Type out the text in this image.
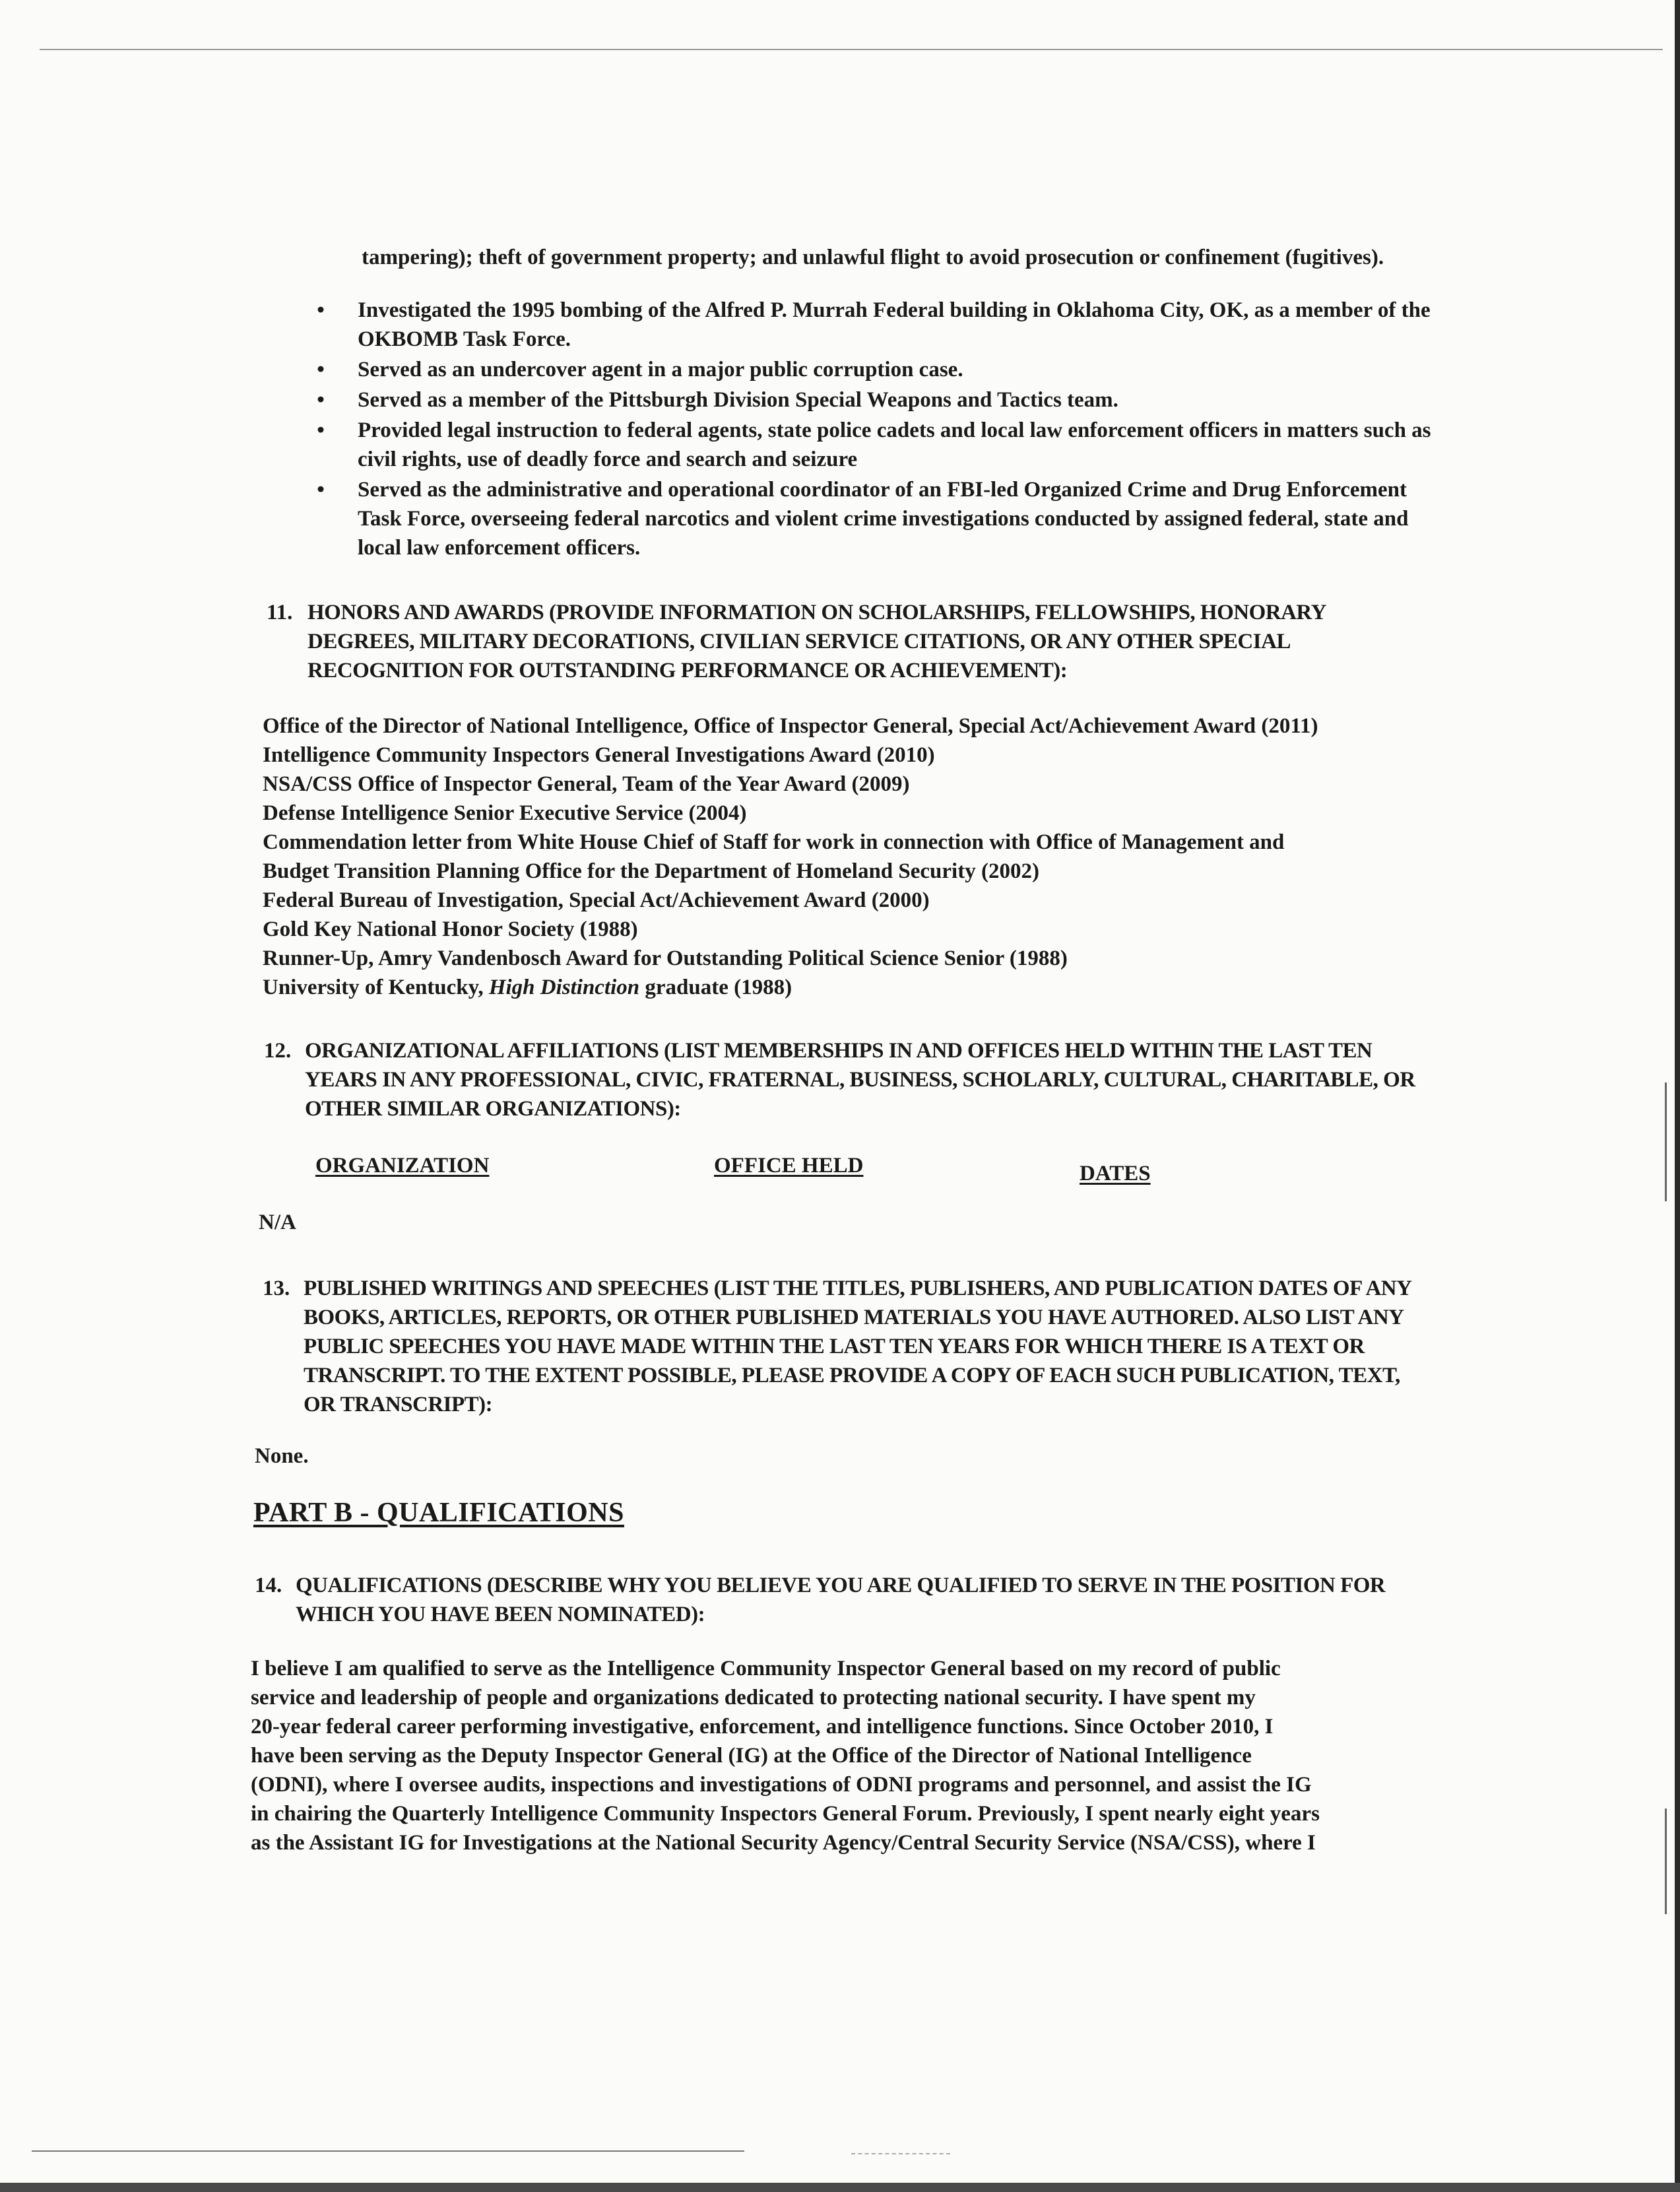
tampering); theft of government property; and unlawful flight to avoid prosecution or confinement (fugitives).
• Investigated the 1995 bombing of the Alfred P. Murrah Federal building in Oklahoma City, OK, as a member of the OKBOMB Task Force.
• Served as an undercover agent in a major public corruption case.
• Served as a member of the Pittsburgh Division Special Weapons and Tactics team.
• Provided legal instruction to federal agents, state police cadets and local law enforcement officers in matters such as civil rights, use of deadly force and search and seizure
• Served as the administrative and operational coordinator of an FBI-led Organized Crime and Drug Enforcement Task Force, overseeing federal narcotics and violent crime investigations conducted by assigned federal, state and local law enforcement officers.
11. HONORS AND AWARDS (PROVIDE INFORMATION ON SCHOLARSHIPS, FELLOWSHIPS, HONORARY DEGREES, MILITARY DECORATIONS, CIVILIAN SERVICE CITATIONS, OR ANY OTHER SPECIAL RECOGNITION FOR OUTSTANDING PERFORMANCE OR ACHIEVEMENT):
Office of the Director of National Intelligence, Office of Inspector General, Special Act/Achievement Award (2011)
Intelligence Community Inspectors General Investigations Award (2010)
NSA/CSS Office of Inspector General, Team of the Year Award (2009)
Defense Intelligence Senior Executive Service (2004)
Commendation letter from White House Chief of Staff for work in connection with Office of Management and
Budget Transition Planning Office for the Department of Homeland Security (2002)
Federal Bureau of Investigation, Special Act/Achievement Award (2000)
Gold Key National Honor Society (1988)
Runner-Up, Amry Vandenbosch Award for Outstanding Political Science Senior (1988)
University of Kentucky, High Distinction graduate (1988)
12. ORGANIZATIONAL AFFILIATIONS (LIST MEMBERSHIPS IN AND OFFICES HELD WITHIN THE LAST TEN YEARS IN ANY PROFESSIONAL, CIVIC, FRATERNAL, BUSINESS, SCHOLARLY, CULTURAL, CHARITABLE, OR OTHER SIMILAR ORGANIZATIONS):
ORGANIZATION	OFFICE HELD	DATES
N/A
13. PUBLISHED WRITINGS AND SPEECHES (LIST THE TITLES, PUBLISHERS, AND PUBLICATION DATES OF ANY BOOKS, ARTICLES, REPORTS, OR OTHER PUBLISHED MATERIALS YOU HAVE AUTHORED. ALSO LIST ANY PUBLIC SPEECHES YOU HAVE MADE WITHIN THE LAST TEN YEARS FOR WHICH THERE IS A TEXT OR TRANSCRIPT. TO THE EXTENT POSSIBLE, PLEASE PROVIDE A COPY OF EACH SUCH PUBLICATION, TEXT, OR TRANSCRIPT):
None.
PART B - QUALIFICATIONS
14. QUALIFICATIONS (DESCRIBE WHY YOU BELIEVE YOU ARE QUALIFIED TO SERVE IN THE POSITION FOR WHICH YOU HAVE BEEN NOMINATED):
I believe I am qualified to serve as the Intelligence Community Inspector General based on my record of public
service and leadership of people and organizations dedicated to protecting national security. I have spent my
20-year federal career performing investigative, enforcement, and intelligence functions. Since October 2010, I
have been serving as the Deputy Inspector General (IG) at the Office of the Director of National Intelligence
(ODNI), where I oversee audits, inspections and investigations of ODNI programs and personnel, and assist the IG
in chairing the Quarterly Intelligence Community Inspectors General Forum. Previously, I spent nearly eight years
as the Assistant IG for Investigations at the National Security Agency/Central Security Service (NSA/CSS), where I
